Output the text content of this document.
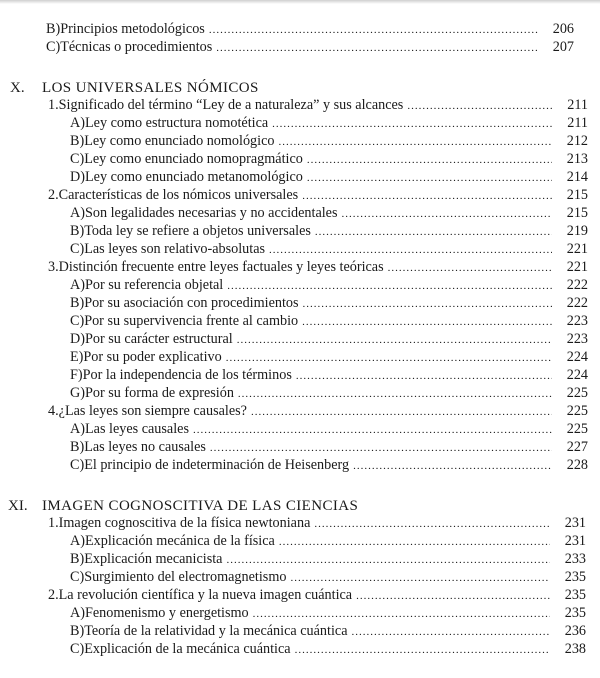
B) Principios metodológicos .....	206
C) Técnicas o procedimientos .....	207
X. LOS UNIVERSALES NÓMICOS
1. Significado del término “Ley de a naturaleza” y sus alcances .....	211
A) Ley como estructura nomotética .....	211
B) Ley como enunciado nomológico .....	212
C) Ley como enunciado nomopragmático .....	213
D) Ley como enunciado metanomológico .....	214
2. Características de los nómicos universales .....	215
A) Son legalidades necesarias y no accidentales .....	215
B) Toda ley se refiere a objetos universales .....	219
C) Las leyes son relativo-absolutas .....	221
3. Distinción frecuente entre leyes factuales y leyes teóricas .....	221
A) Por su referencia objetal .....	222
B) Por su asociación con procedimientos .....	222
C) Por su supervivencia frente al cambio .....	223
D) Por su carácter estructural .....	223
E) Por su poder explicativo .....	224
F) Por la independencia de los términos .....	224
G) Por su forma de expresión .....	225
4. ¿Las leyes son siempre causales? .....	225
A) Las leyes causales .....	225
B) Las leyes no causales .....	227
C) El principio de indeterminación de Heisenberg .....	228
XI. IMAGEN COGNOSCITIVA DE LAS CIENCIAS
1. Imagen cognoscitiva de la física newtoniana .....	231
A) Explicación mecánica de la física .....	231
B) Explicación mecanicista .....	233
C) Surgimiento del electromagnetismo .....	235
2. La revolución científica y la nueva imagen cuántica .....	235
A) Fenomenismo y energetismo .....	235
B) Teoría de la relatividad y la mecánica cuántica .....	236
C) Explicación de la mecánica cuántica .....	238
